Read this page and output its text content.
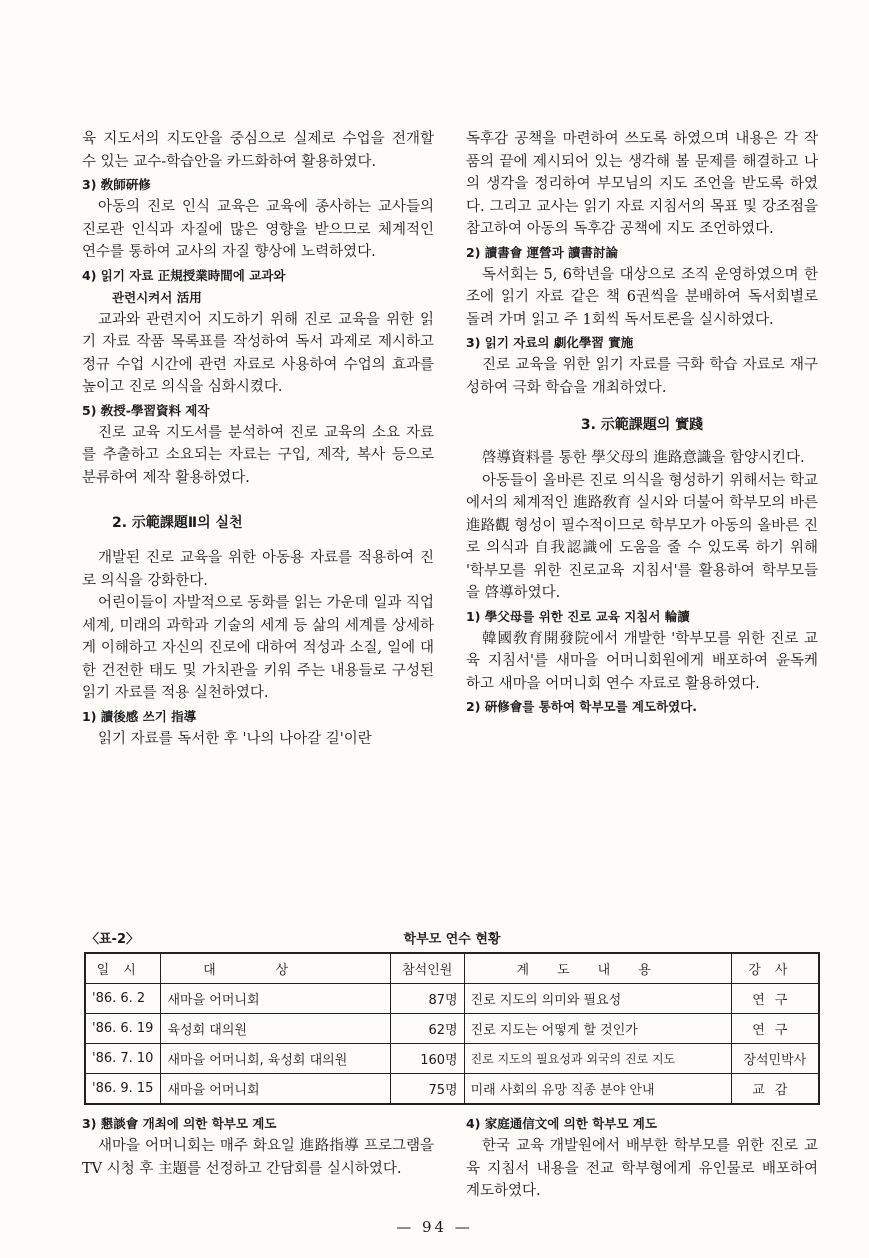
육 지도서의 지도안을 중심으로 실제로 수업을 전개할 수 있는 교수-학습안을 카드화하여 활용하였다.

3) 敎師硏修

아동의 진로 인식 교육은 교육에 종사하는 교사들의 진로관 인식과 자질에 많은 영향을 받으므로 체계적인 연수를 통하여 교사의 자질 향상에 노력하였다.

4) 읽기 자료 正規授業時間에 교과와
관련시켜서 活用

교과와 관련지어 지도하기 위해 진로 교육을 위한 읽기 자료 작품 목록표를 작성하여 독서 과제로 제시하고 정규 수업 시간에 관련 자료로 사용하여 수업의 효과를 높이고 진로 의식을 심화시켰다.

5) 敎授-學習資料 제작

진로 교육 지도서를 분석하여 진로 교육의 소요 자료를 추출하고 소요되는 자료는 구입, 제작, 복사 등으로 분류하여 제작 활용하였다.

2. 示範課題Ⅱ의 실천

개발된 진로 교육을 위한 아동용 자료를 적용하여 진로 의식을 강화한다.

어린이들이 자발적으로 동화를 읽는 가운데 일과 직업 세계, 미래의 과학과 기술의 세계 등 삶의 세계를 상세하게 이해하고 자신의 진로에 대하여 적성과 소질, 일에 대한 건전한 태도 및 가치관을 키워 주는 내용들로 구성된 읽기 자료를 적용 실천하였다.

1) 讀後感 쓰기 指導

읽기 자료를 독서한 후 '나의 나아갈 길'이란

독후감 공책을 마련하여 쓰도록 하였으며 내용은 각 작품의 끝에 제시되어 있는 생각해 볼 문제를 해결하고 나의 생각을 정리하여 부모님의 지도 조언을 받도록 하였다. 그리고 교사는 읽기 자료 지침서의 목표 및 강조점을 참고하여 아동의 독후감 공책에 지도 조언하였다.

2) 讀書會 運營과 讀書討論

독서회는 5, 6학년을 대상으로 조직 운영하였으며 한 조에 읽기 자료 같은 책 6권씩을 분배하여 독서회별로 돌려 가며 읽고 주 1회씩 독서토론을 실시하였다.

3) 읽기 자료의 劇化學習 實施

진로 교육을 위한 읽기 자료를 극화 학습 자료로 재구성하여 극화 학습을 개최하였다.

3. 示範課題의 實踐

啓導資料를 통한 學父母의 進路意識을 함양시킨다.

아동들이 올바른 진로 의식을 형성하기 위해서는 학교에서의 체계적인 進路敎育 실시와 더불어 학부모의 바른 進路觀 형성이 필수적이므로 학부모가 아동의 올바른 진로 의식과 自我認識에 도움을 줄 수 있도록 하기 위해 '학부모를 위한 진로교육 지침서'를 활용하여 학부모들을 啓導하였다.

1) 學父母를 위한 진로 교육 지침서 輪讀

韓國敎育開發院에서 개발한 '학부모를 위한 진로 교육 지침서'를 새마을 어머니회원에게 배포하여 윤독케 하고 새마을 어머니회 연수 자료로 활용하였다.

2) 硏修會를 통하여 학부모를 계도하였다.
〈표-2〉	학부모 연수 현황
일시	대상	참석인원	계도내용	강사
'86. 6. 2	새마을 어머니회	87명	진로 지도의 의미와 필요성	연구
'86. 6. 19	육성회 대의원	62명	진로 지도는 어떻게 할 것인가	연구
'86. 7. 10	새마을 어머니회, 육성회 대의원	160명	진로 지도의 필요성과 외국의 진로 지도	장석민박사
'86. 9. 15	새마을 어머니회	75명	미래 사회의 유망 직종 분야 안내	교감
3) 懇談會 개최에 의한 학부모 계도

새마을 어머니회는 매주 화요일 進路指導 프로그램을 TV 시청 후 主題를 선정하고 간담회를 실시하였다.

4) 家庭通信文에 의한 학부모 계도

한국 교육 개발원에서 배부한 학부모를 위한 진로 교육 지침서 내용을 전교 학부형에게 유인물로 배포하여 계도하였다.

— 94 —
